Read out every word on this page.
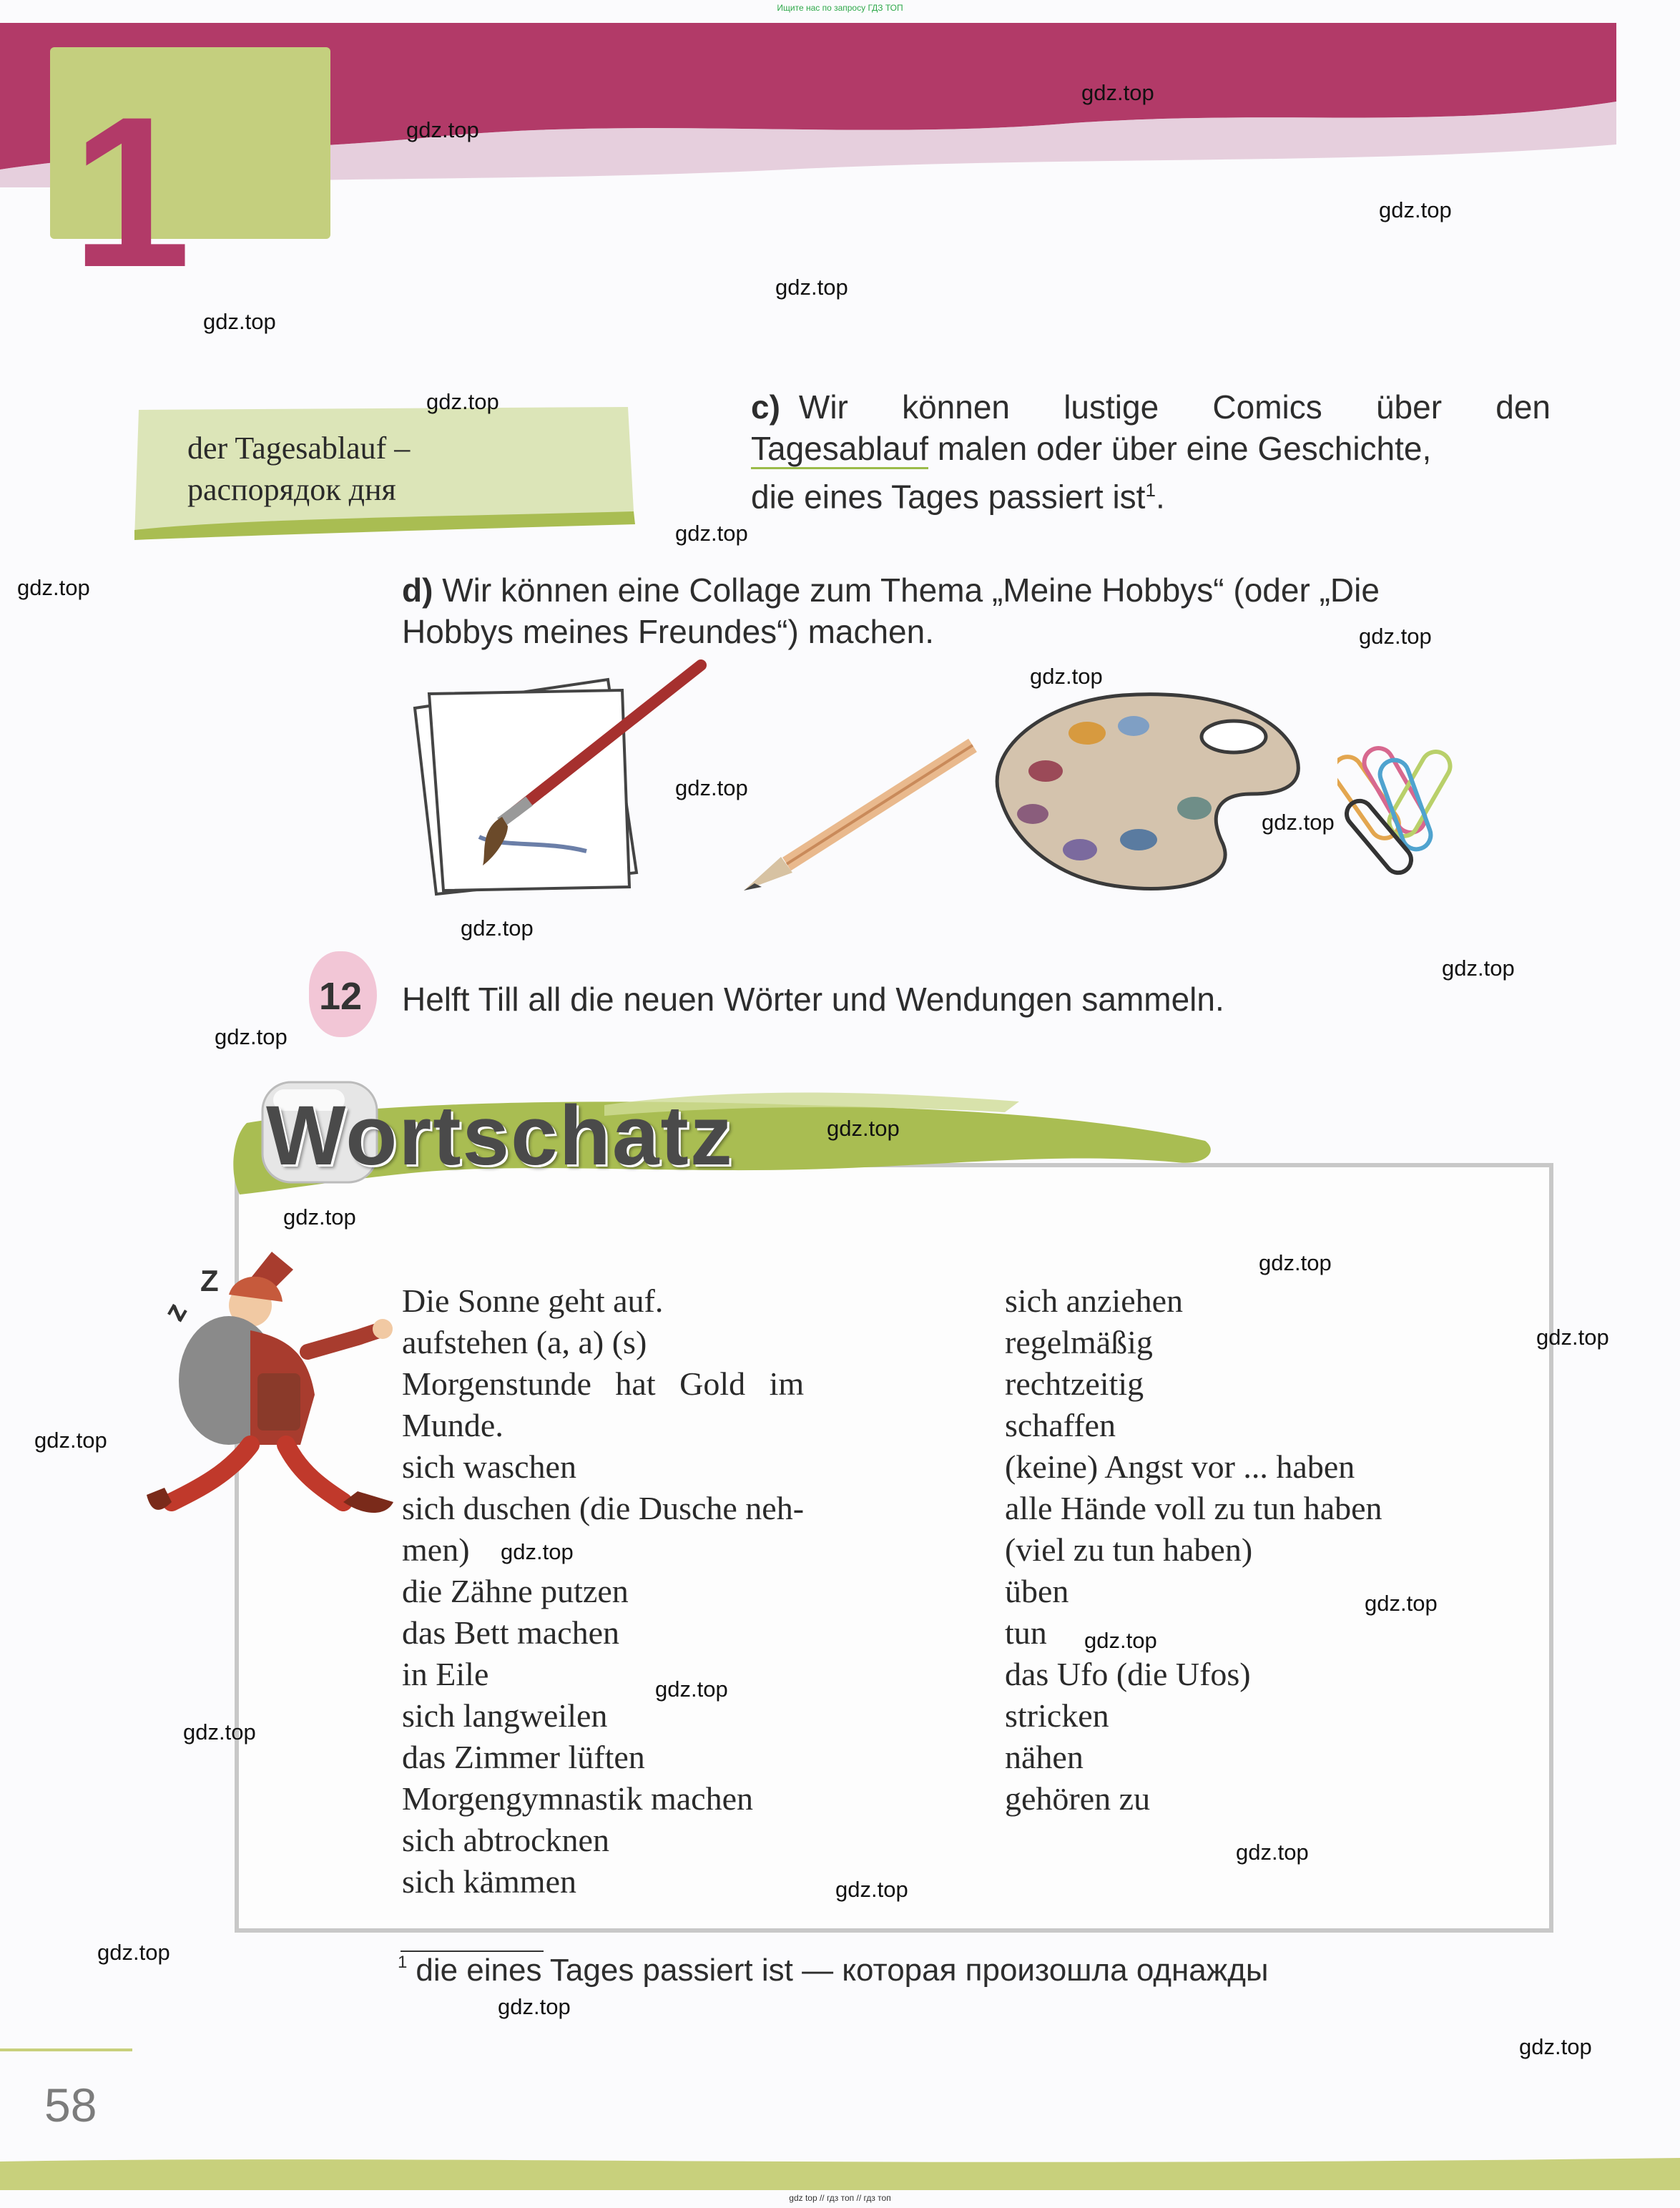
Ищите нас по запросу ГДЗ ТОП
1
der Tagesablauf –
распорядок дня
c) Wir können lustige Comics über den
Tagesablauf malen oder über eine Geschichte,
die eines Tages passiert ist$^1$.
d) Wir können eine Collage zum Thema „Meine Hobbys“ (oder „Die
Hobbys meines Freundes“) machen.
12 Helft Till all die neuen Wörter und Wendungen sammeln.
Wortschatz
z
Z
Die Sonne geht auf.
aufstehen (a, a) (s)
Morgenstunde hat Gold im
Munde.
sich waschen
sich duschen (die Dusche neh-
men)
die Zähne putzen
das Bett machen
in Eile
sich langweilen
das Zimmer lüften
Morgengymnastik machen
sich abtrocknen
sich kämmen
sich anziehen
regelmäßig
rechtzeitig
schaffen
(keine) Angst vor ... haben
alle Hände voll zu tun haben
(viel zu tun haben)
üben
tun
das Ufo (die Ufos)
stricken
nähen
gehören zu
$^1$ die eines Tages passiert ist — которая произошла однажды
58
gdz top // гдз топ // гдз топ
gdz.top
gdz.top
gdz.top
gdz.top
gdz.top
gdz.top
gdz.top
gdz.top
gdz.top
gdz.top
gdz.top
gdz.top
gdz.top
gdz.top
gdz.top
gdz.top
gdz.top
gdz.top
gdz.top
gdz.top
gdz.top
gdz.top
gdz.top
gdz.top
gdz.top
gdz.top
gdz.top
gdz.top
gdz.top
gdz.top
